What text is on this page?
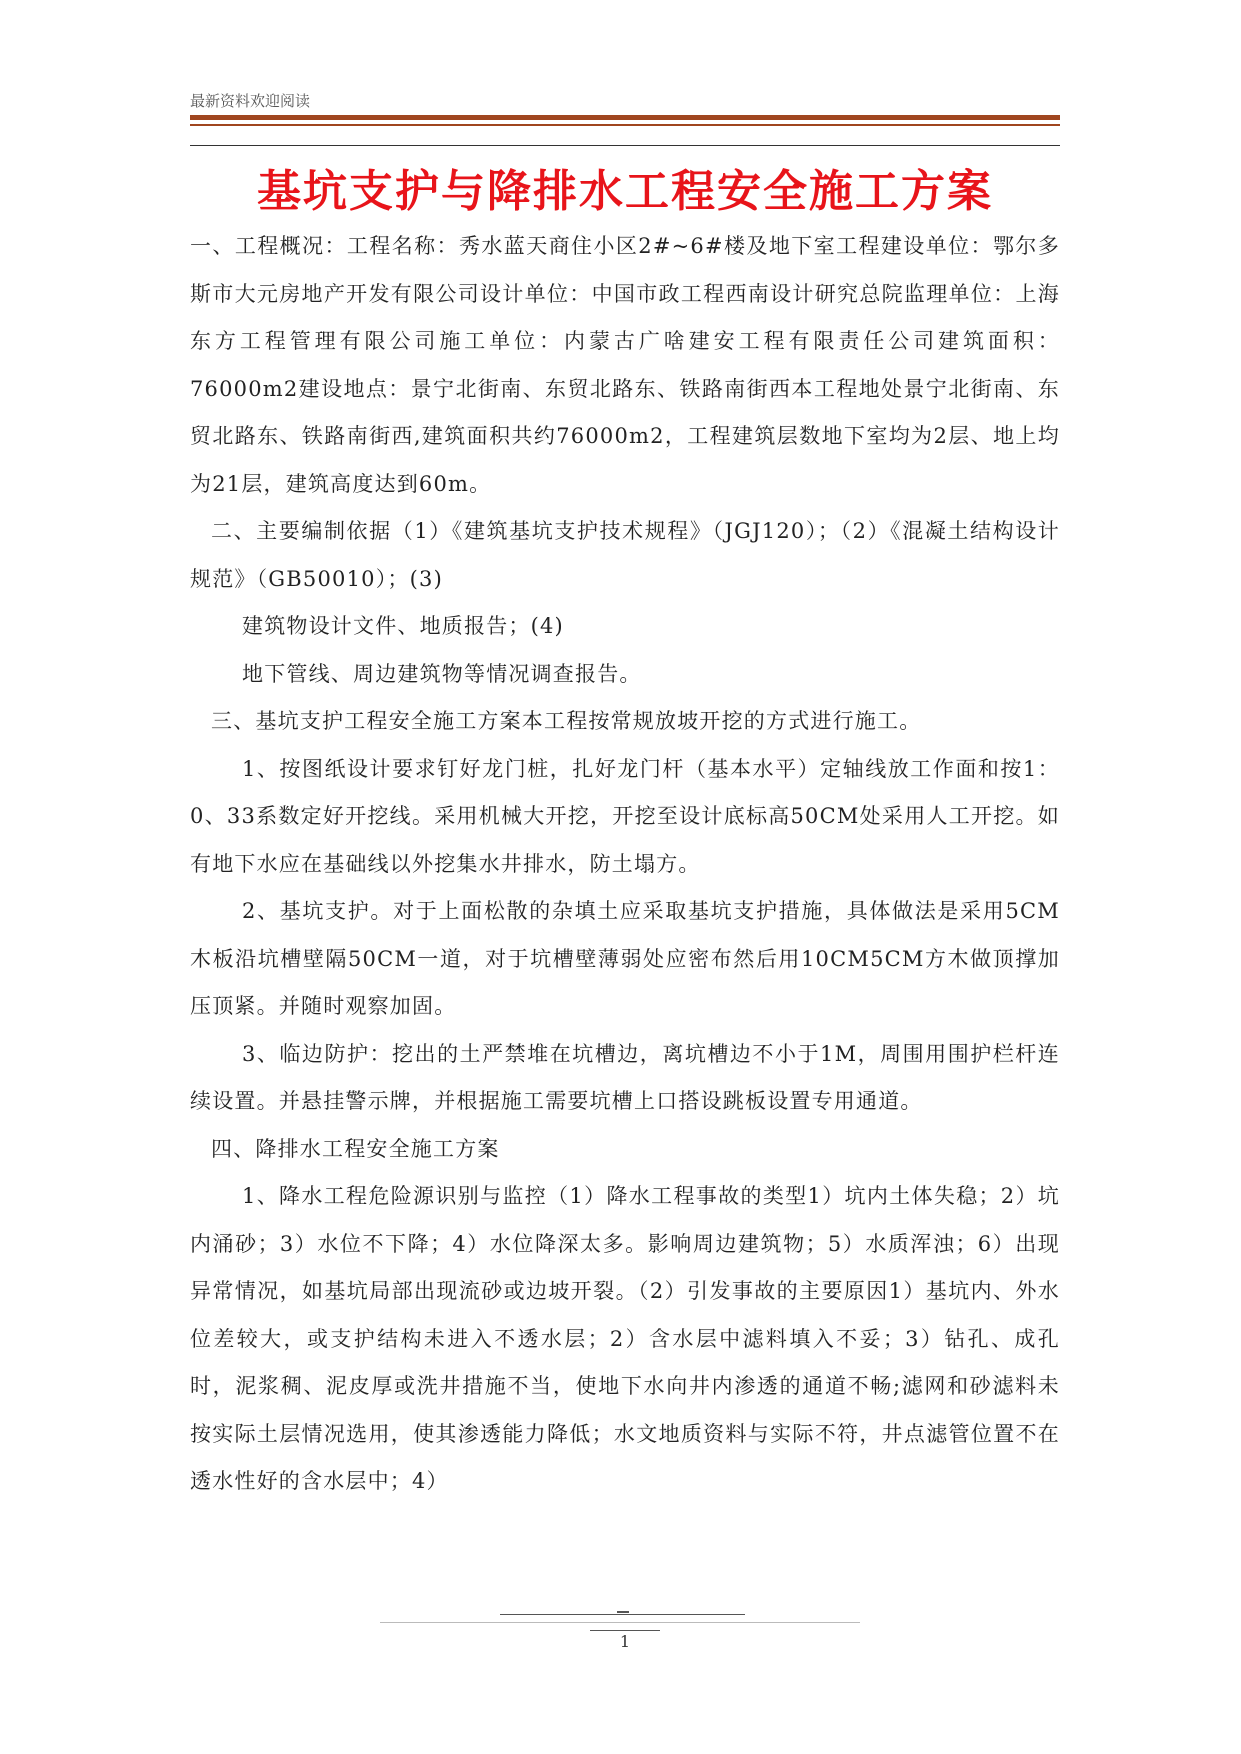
最新资料欢迎阅读
基坑支护与降排水工程安全施工方案

一、工程概况：工程名称：秀水蓝天商住小区2#~6#楼及地下室工程建设单位：鄂尔多斯市大元房地产开发有限公司设计单位：中国市政工程西南设计研究总院监理单位：上海东方工程管理有限公司施工单位：内蒙古广啥建安工程有限责任公司建筑面积：76000m2建设地点：景宁北街南、东贸北路东、铁路南街西本工程地处景宁北街南、东贸北路东、铁路南街西,建筑面积共约76000m2，工程建筑层数地下室均为2层、地上均为21层，建筑高度达到60m。

二、主要编制依据（1）《建筑基坑支护技术规程》（JGJ120）；（2）《混凝土结构设计规范》（GB50010）；(3)

建筑物设计文件、地质报告；(4)

地下管线、周边建筑物等情况调查报告。

三、基坑支护工程安全施工方案本工程按常规放坡开挖的方式进行施工。

1、按图纸设计要求钉好龙门桩，扎好龙门杆（基本水平）定轴线放工作面和按1：0、33系数定好开挖线。采用机械大开挖，开挖至设计底标高50CM处采用人工开挖。如有地下水应在基础线以外挖集水井排水，防土塌方。

2、基坑支护。对于上面松散的杂填土应采取基坑支护措施，具体做法是采用5CM木板沿坑槽壁隔50CM一道，对于坑槽壁薄弱处应密布然后用10CM5CM方木做顶撑加压顶紧。并随时观察加固。

3、临边防护：挖出的土严禁堆在坑槽边，离坑槽边不小于1M，周围用围护栏杆连续设置。并悬挂警示牌，并根据施工需要坑槽上口搭设跳板设置专用通道。

四、降排水工程安全施工方案

1、降水工程危险源识别与监控（1）降水工程事故的类型1）坑内土体失稳；2）坑内涌砂；3）水位不下降；4）水位降深太多。影响周边建筑物；5）水质浑浊；6）出现异常情况，如基坑局部出现流砂或边坡开裂。（2）引发事故的主要原因1）基坑内、外水位差较大，或支护结构未进入不透水层；2）含水层中滤料填入不妥；3）钻孔、成孔时，泥浆稠、泥皮厚或洗井措施不当，使地下水向井内渗透的通道不畅;滤网和砂滤料未按实际土层情况选用，使其渗透能力降低；水文地质资料与实际不符，井点滤管位置不在透水性好的含水层中；4）

1
